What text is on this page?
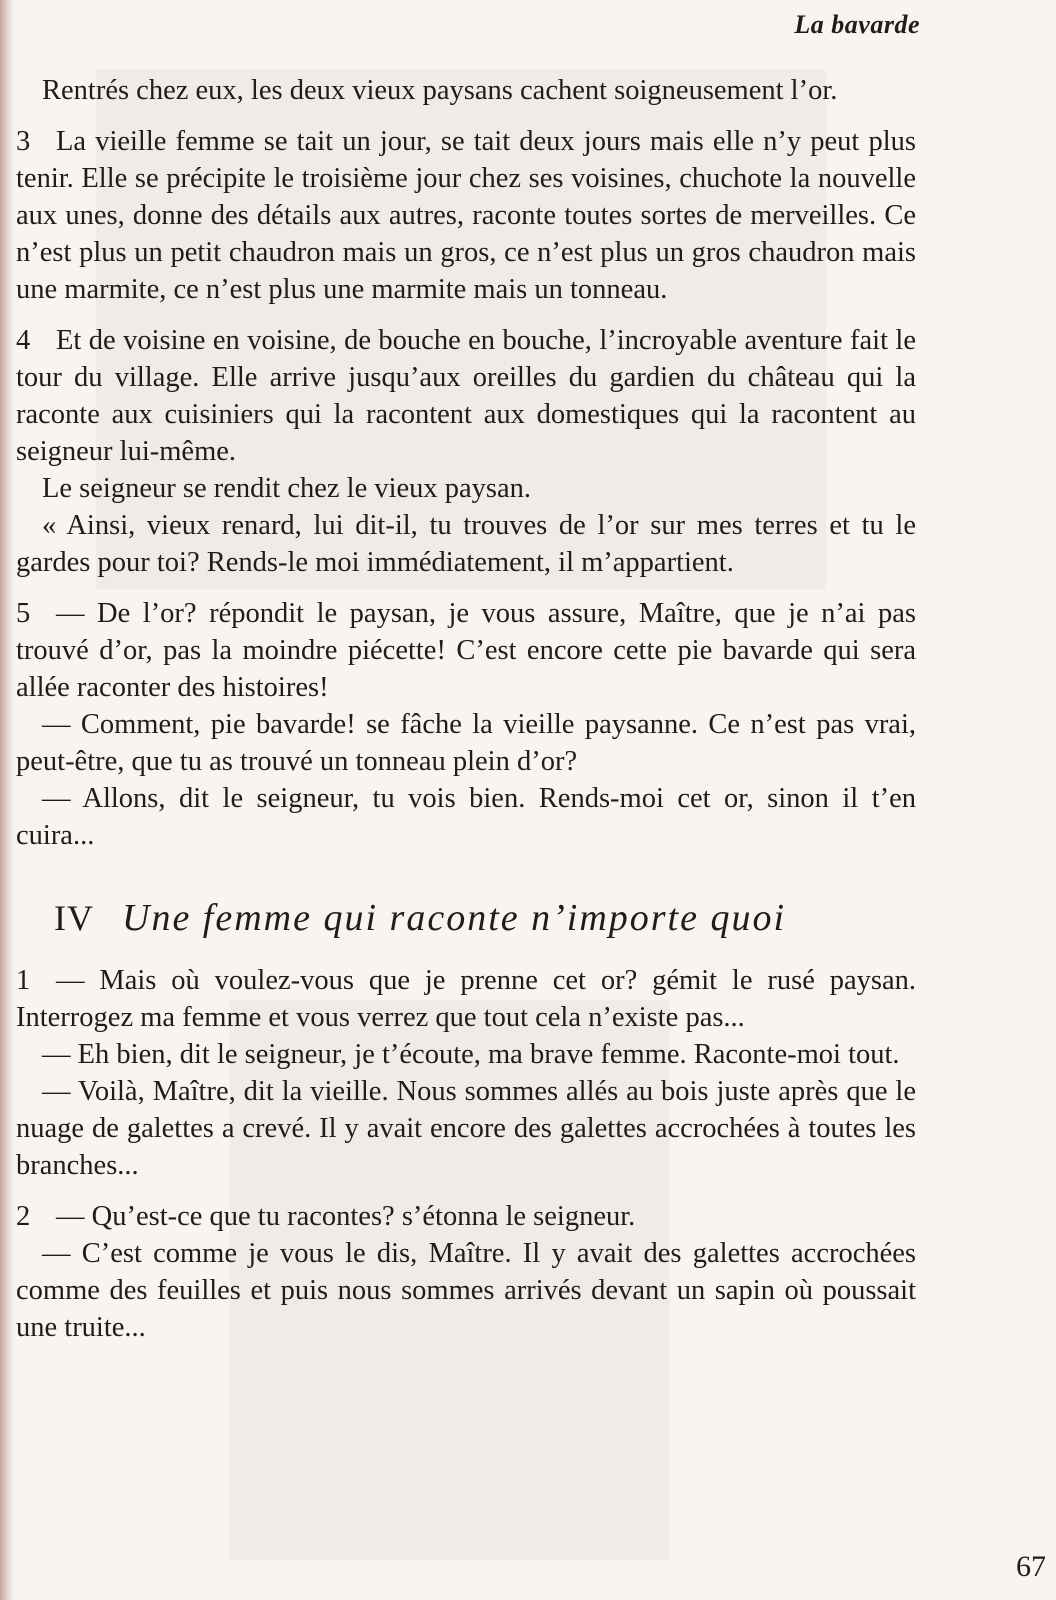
La bavarde

Rentrés chez eux, les deux vieux paysans cachent soigneusement l’or.

3 La vieille femme se tait un jour, se tait deux jours mais elle n’y peut plus tenir. Elle se précipite le troisième jour chez ses voisines, chuchote la nouvelle aux unes, donne des détails aux autres, raconte toutes sortes de merveilles. Ce n’est plus un petit chaudron mais un gros, ce n’est plus un gros chaudron mais une marmite, ce n’est plus une marmite mais un tonneau.

4 Et de voisine en voisine, de bouche en bouche, l’incroyable aventure fait le tour du village. Elle arrive jusqu’aux oreilles du gardien du château qui la raconte aux cuisiniers qui la racontent aux domestiques qui la racontent au seigneur lui-même.

Le seigneur se rendit chez le vieux paysan.

« Ainsi, vieux renard, lui dit-il, tu trouves de l’or sur mes terres et tu le gardes pour toi? Rends-le moi immédiatement, il m’appartient.

5 — De l’or? répondit le paysan, je vous assure, Maître, que je n’ai pas trouvé d’or, pas la moindre piécette! C’est encore cette pie bavarde qui sera allée raconter des histoires!

— Comment, pie bavarde! se fâche la vieille paysanne. Ce n’est pas vrai, peut-être, que tu as trouvé un tonneau plein d’or?

— Allons, dit le seigneur, tu vois bien. Rends-moi cet or, sinon il t’en cuira...

IV Une femme qui raconte n’importe quoi

1 — Mais où voulez-vous que je prenne cet or? gémit le rusé paysan. Interrogez ma femme et vous verrez que tout cela n’existe pas...

— Eh bien, dit le seigneur, je t’écoute, ma brave femme. Raconte-moi tout.

— Voilà, Maître, dit la vieille. Nous sommes allés au bois juste après que le nuage de galettes a crevé. Il y avait encore des galettes accrochées à toutes les branches...

2 — Qu’est-ce que tu racontes? s’étonna le seigneur.

— C’est comme je vous le dis, Maître. Il y avait des galettes accrochées comme des feuilles et puis nous sommes arrivés devant un sapin où poussait une truite...

67
